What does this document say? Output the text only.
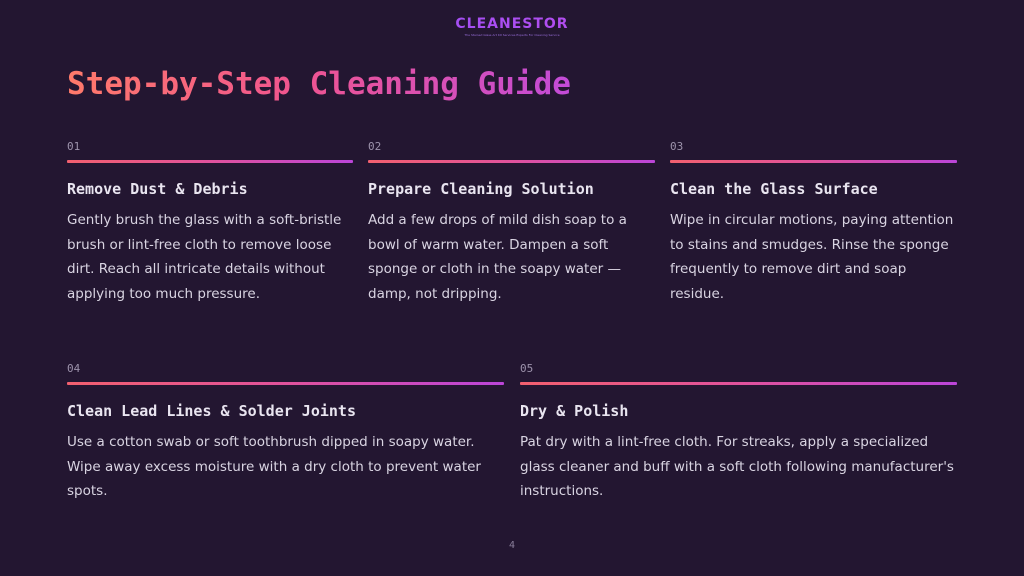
CLEANESTOR
The Stained Glass Art Kit Services Experts For Cleaning Service
Step-by-Step Cleaning Guide
01
Remove Dust & Debris
Gently brush the glass with a soft-bristle brush or lint-free cloth to remove loose dirt. Reach all intricate details without applying too much pressure.
02
Prepare Cleaning Solution
Add a few drops of mild dish soap to a bowl of warm water. Dampen a soft sponge or cloth in the soapy water — damp, not dripping.
03
Clean the Glass Surface
Wipe in circular motions, paying attention to stains and smudges. Rinse the sponge frequently to remove dirt and soap residue.
04
Clean Lead Lines & Solder Joints
Use a cotton swab or soft toothbrush dipped in soapy water. Wipe away excess moisture with a dry cloth to prevent water spots.
05
Dry & Polish
Pat dry with a lint-free cloth. For streaks, apply a specialized glass cleaner and buff with a soft cloth following manufacturer's instructions.
4
